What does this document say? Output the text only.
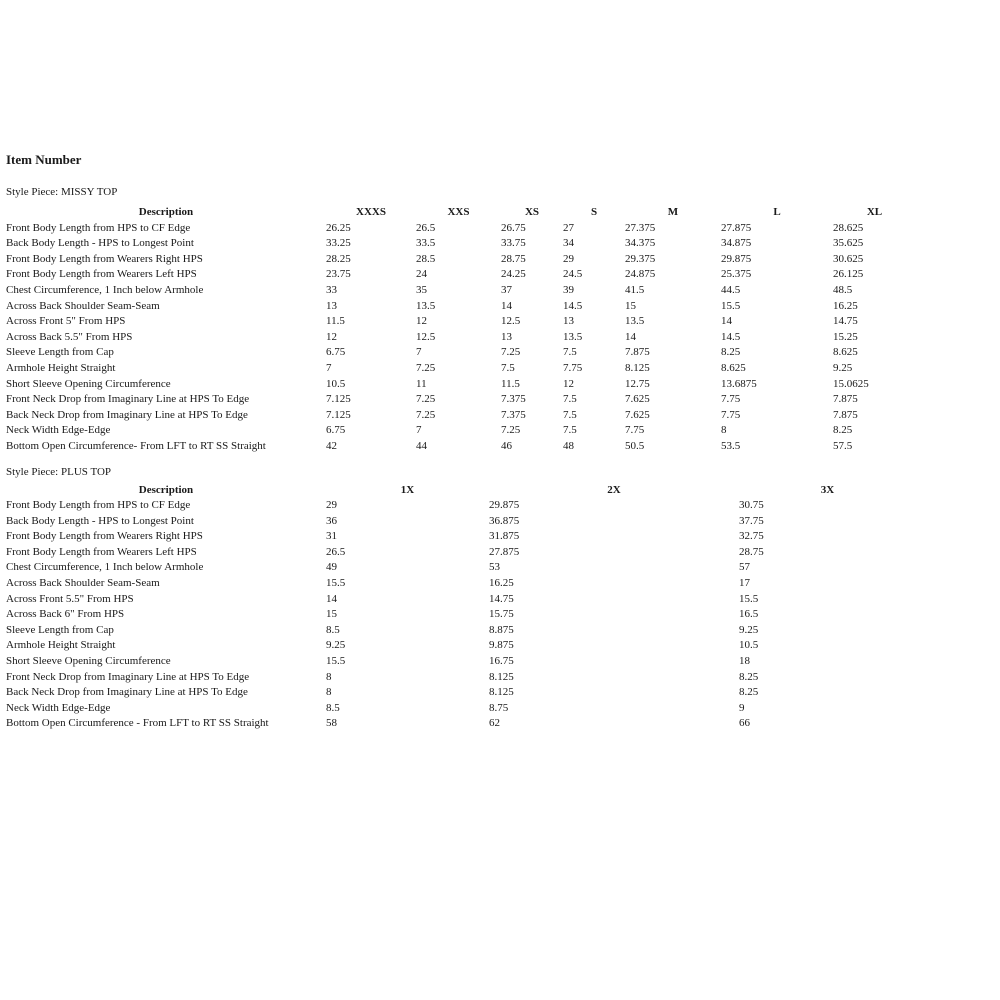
Item Number
Style Piece: MISSY TOP
Description	XXXS	XXS	XS	S	M	L	XL
Front Body Length from HPS to CF Edge	26.25	26.5	26.75	27	27.375	27.875	28.625
Back Body Length - HPS to Longest Point	33.25	33.5	33.75	34	34.375	34.875	35.625
Front Body Length from Wearers Right HPS	28.25	28.5	28.75	29	29.375	29.875	30.625
Front Body Length from Wearers Left HPS	23.75	24	24.25	24.5	24.875	25.375	26.125
Chest Circumference, 1 Inch below Armhole	33	35	37	39	41.5	44.5	48.5
Across Back Shoulder Seam-Seam	13	13.5	14	14.5	15	15.5	16.25
Across Front 5" From HPS	11.5	12	12.5	13	13.5	14	14.75
Across Back 5.5" From HPS	12	12.5	13	13.5	14	14.5	15.25
Sleeve Length from Cap	6.75	7	7.25	7.5	7.875	8.25	8.625
Armhole Height Straight	7	7.25	7.5	7.75	8.125	8.625	9.25
Short Sleeve Opening Circumference	10.5	11	11.5	12	12.75	13.6875	15.0625
Front Neck Drop from Imaginary Line at HPS To Edge	7.125	7.25	7.375	7.5	7.625	7.75	7.875
Back Neck Drop from Imaginary Line at HPS To Edge	7.125	7.25	7.375	7.5	7.625	7.75	7.875
Neck Width Edge-Edge	6.75	7	7.25	7.5	7.75	8	8.25
Bottom Open Circumference- From LFT to RT SS Straight	42	44	46	48	50.5	53.5	57.5
Style Piece: PLUS TOP
Description	1X	2X	3X
Front Body Length from HPS to CF Edge	29	29.875	30.75
Back Body Length - HPS to Longest Point	36	36.875	37.75
Front Body Length from Wearers Right HPS	31	31.875	32.75
Front Body Length from Wearers Left HPS	26.5	27.875	28.75
Chest Circumference, 1 Inch below Armhole	49	53	57
Across Back Shoulder Seam-Seam	15.5	16.25	17
Across Front 5.5" From HPS	14	14.75	15.5
Across Back 6" From HPS	15	15.75	16.5
Sleeve Length from Cap	8.5	8.875	9.25
Armhole Height Straight	9.25	9.875	10.5
Short Sleeve Opening Circumference	15.5	16.75	18
Front Neck Drop from Imaginary Line at HPS To Edge	8	8.125	8.25
Back Neck Drop from Imaginary Line at HPS To Edge	8	8.125	8.25
Neck Width Edge-Edge	8.5	8.75	9
Bottom Open Circumference - From LFT to RT SS Straight	58	62	66
